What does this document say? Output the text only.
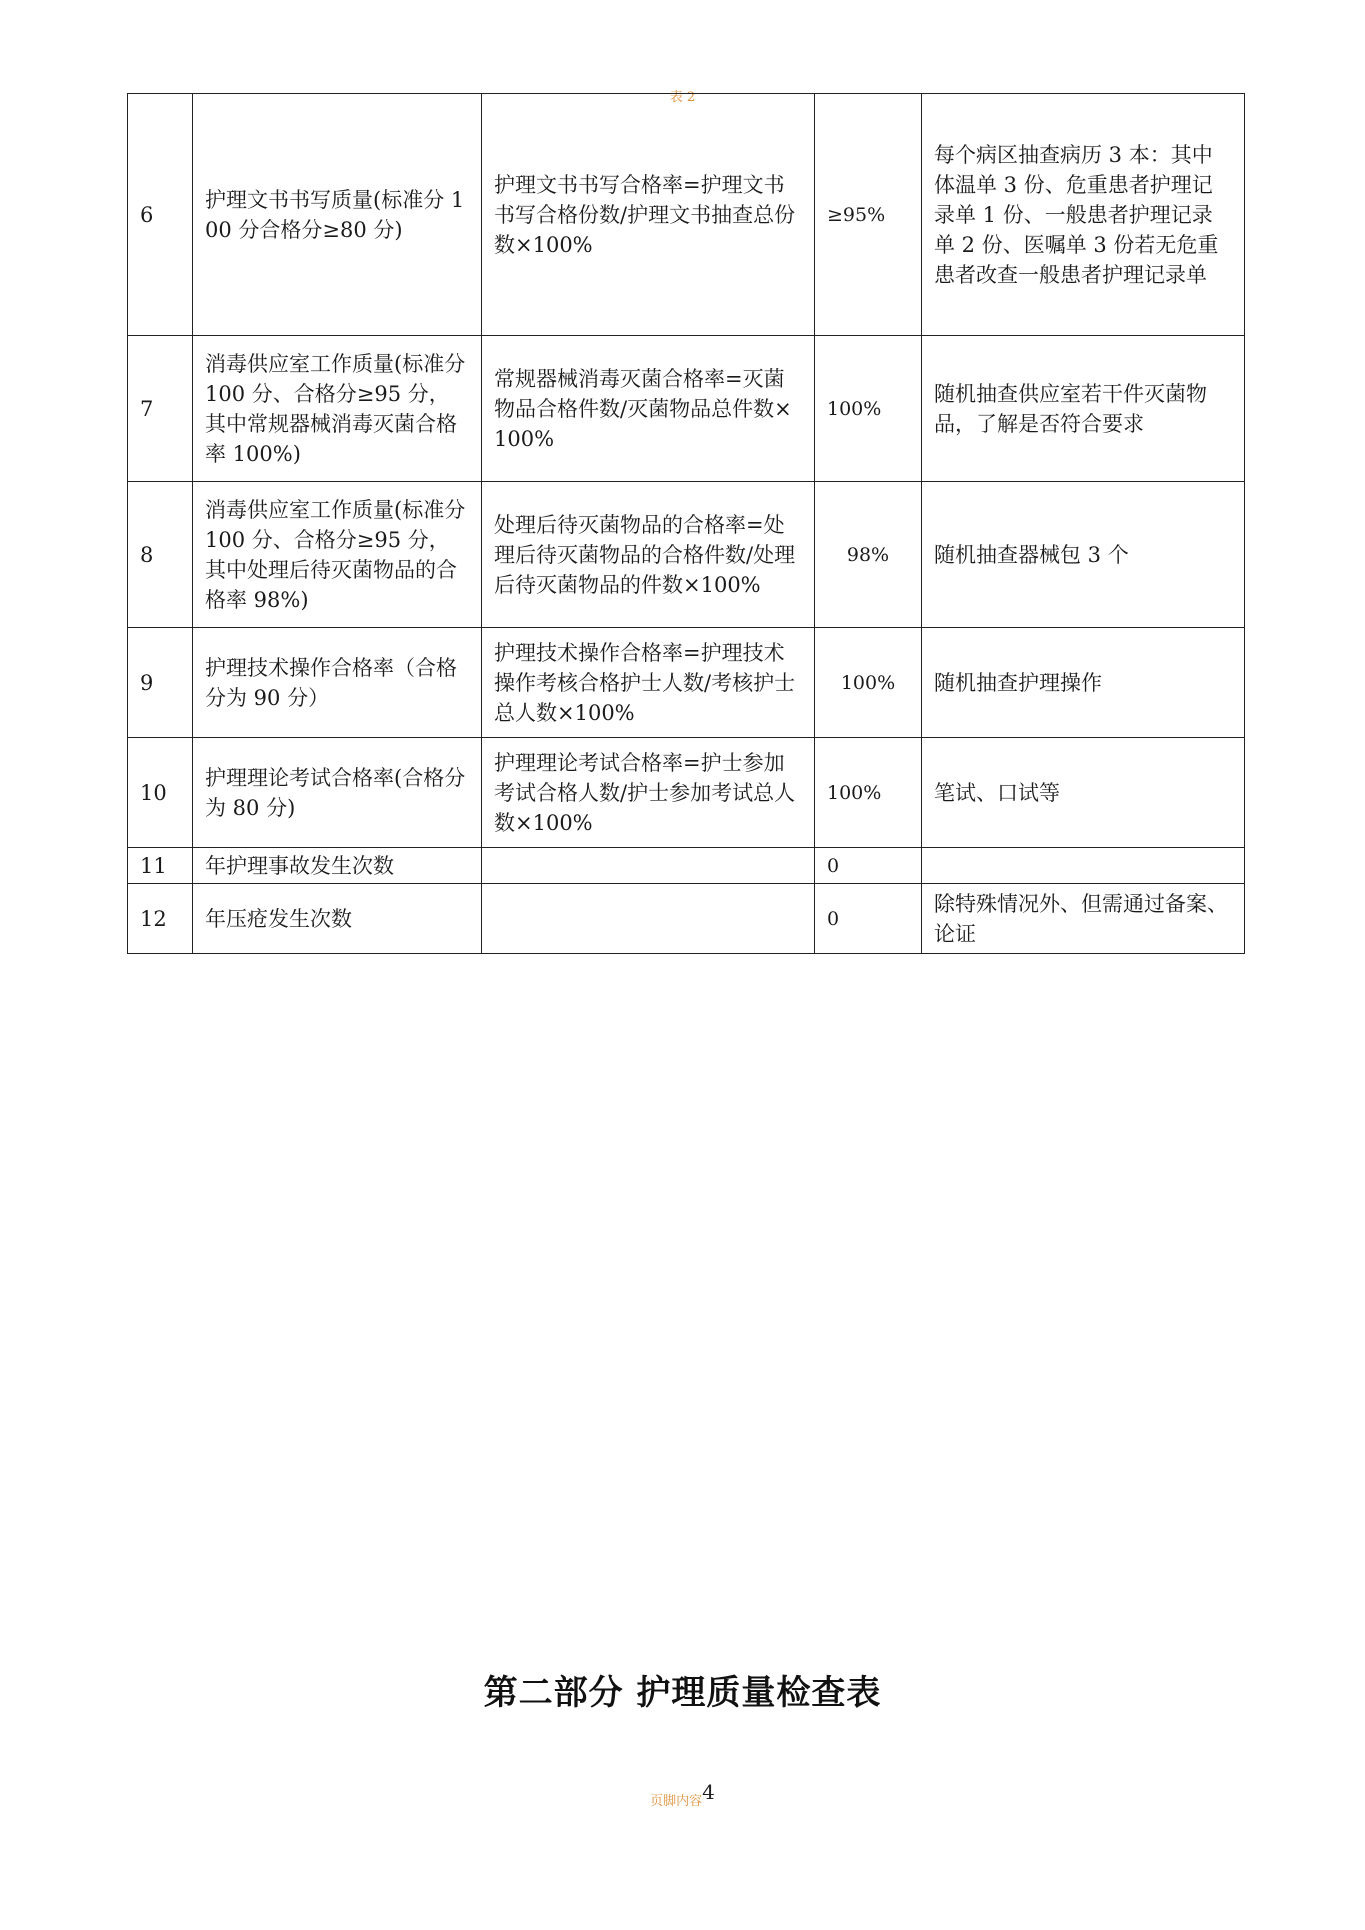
表 2
6	护理文书书写质量(标准分 100 分合格分≥80 分)	护理文书书写合格率=护理文书书写合格份数/护理文书抽查总份数×100%	≥95%	每个病区抽查病历 3 本：其中体温单 3 份、危重患者护理记录单 1 份、一般患者护理记录单 2 份、医嘱单 3 份若无危重患者改查一般患者护理记录单
7	消毒供应室工作质量(标准分 100 分、合格分≥95 分，其中常规器械消毒灭菌合格率 100%)	常规器械消毒灭菌合格率=灭菌物品合格件数/灭菌物品总件数×100%	100%	随机抽查供应室若干件灭菌物品，了解是否符合要求
8	消毒供应室工作质量(标准分 100 分、合格分≥95 分，其中处理后待灭菌物品的合格率 98%)	处理后待灭菌物品的合格率=处理后待灭菌物品的合格件数/处理后待灭菌物品的件数×100%	98%	随机抽查器械包 3 个
9	护理技术操作合格率（合格分为 90 分）	护理技术操作合格率=护理技术操作考核合格护士人数/考核护士总人数×100%	100%	随机抽查护理操作
10	护理理论考试合格率(合格分为 80 分)	护理理论考试合格率=护士参加考试合格人数/护士参加考试总人数×100%	100%	笔试、口试等
11	年护理事故发生次数		0	
12	年压疮发生次数		0	除特殊情况外、但需通过备案、论证
第二部分 护理质量检查表
页脚内容4
